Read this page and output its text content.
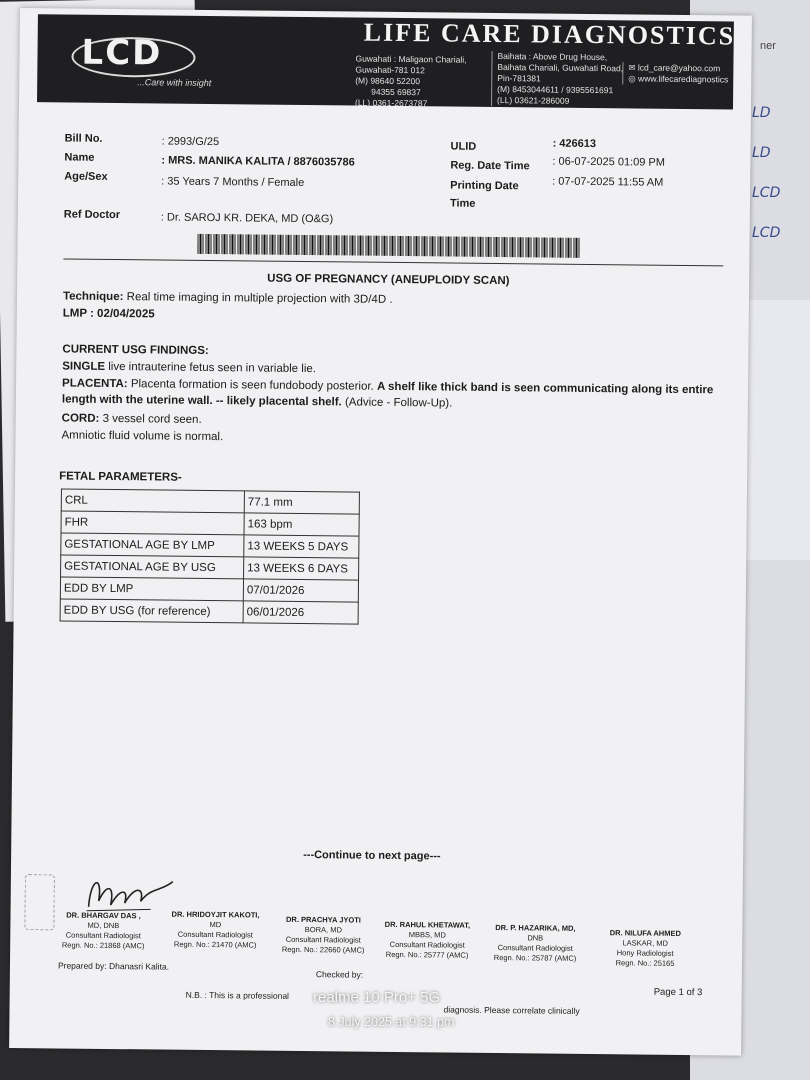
ner
LD
LD
LCD
LCD
LCD
...Care with insight
LIFE CARE DIAGNOSTICS
Guwahati : Maligaon Chariali,
Guwahati-781 012
(M) 98640 52200
94355 69837
(LL) 0361-2673787
Baihata : Above Drug House,
Baihata Chariali, Guwahati Road,
Pin-781381
(M) 8453044611 / 9395561691
(LL) 03621-286009
✉ lcd_care@yahoo.com
◎ www.lifecarediagnostics
Bill No.	: 2993/G/25
Name	: MRS. MANIKA KALITA / 8876035786
Age/Sex	: 35 Years 7 Months / Female
Ref Doctor	: Dr. SAROJ KR. DEKA, MD (O&G)
ULID	: 426613
Reg. Date Time : 06-07-2025 01:09 PM
Printing Date
Time
: 07-07-2025 11:55 AM
USG OF PREGNANCY (ANEUPLOIDY SCAN)
Technique: Real time imaging in multiple projection with 3D/4D .
LMP : 02/04/2025
CURRENT USG FINDINGS:
SINGLE live intrauterine fetus seen in variable lie.
PLACENTA: Placenta formation is seen fundobody posterior. A shelf like thick band is seen communicating along its entire length with the uterine wall. -- likely placental shelf. (Advice - Follow-Up).
CORD: 3 vessel cord seen.
Amniotic fluid volume is normal.
FETAL PARAMETERS-
CRL	77.1 mm
FHR	163 bpm
GESTATIONAL AGE BY LMP	13 WEEKS 5 DAYS
GESTATIONAL AGE BY USG	13 WEEKS 6 DAYS
EDD BY LMP	07/01/2026
EDD BY USG (for reference)	06/01/2026
---Continue to next page---
DR. BHARGAV DAS ,
MD, DNB
Consultant Radiologist
Regn. No.: 21868 (AMC)
DR. HRIDOYJIT KAKOTI,
MD
Consultant Radiologist
Regn. No.: 21470 (AMC)
DR. PRACHYA JYOTI
BORA, MD
Consultant Radiologist
Regn. No.: 22660 (AMC)
DR. RAHUL KHETAWAT,
MBBS, MD
Consultant Radiologist
Regn. No.: 25777 (AMC)
DR. P. HAZARIKA, MD,
DNB
Consultant Radiologist
Regn. No.: 25787 (AMC)
DR. NILUFA AHMED
LASKAR, MD
Hony Radiologist
Regn. No.: 25165
Prepared by: Dhanasri Kalita.
Checked by:
Page 1 of 3
N.B. : This is a professional
diagnosis. Please correlate clinically
realme 10 Pro+ 5G
8 July 2025 at 9:31 pm
